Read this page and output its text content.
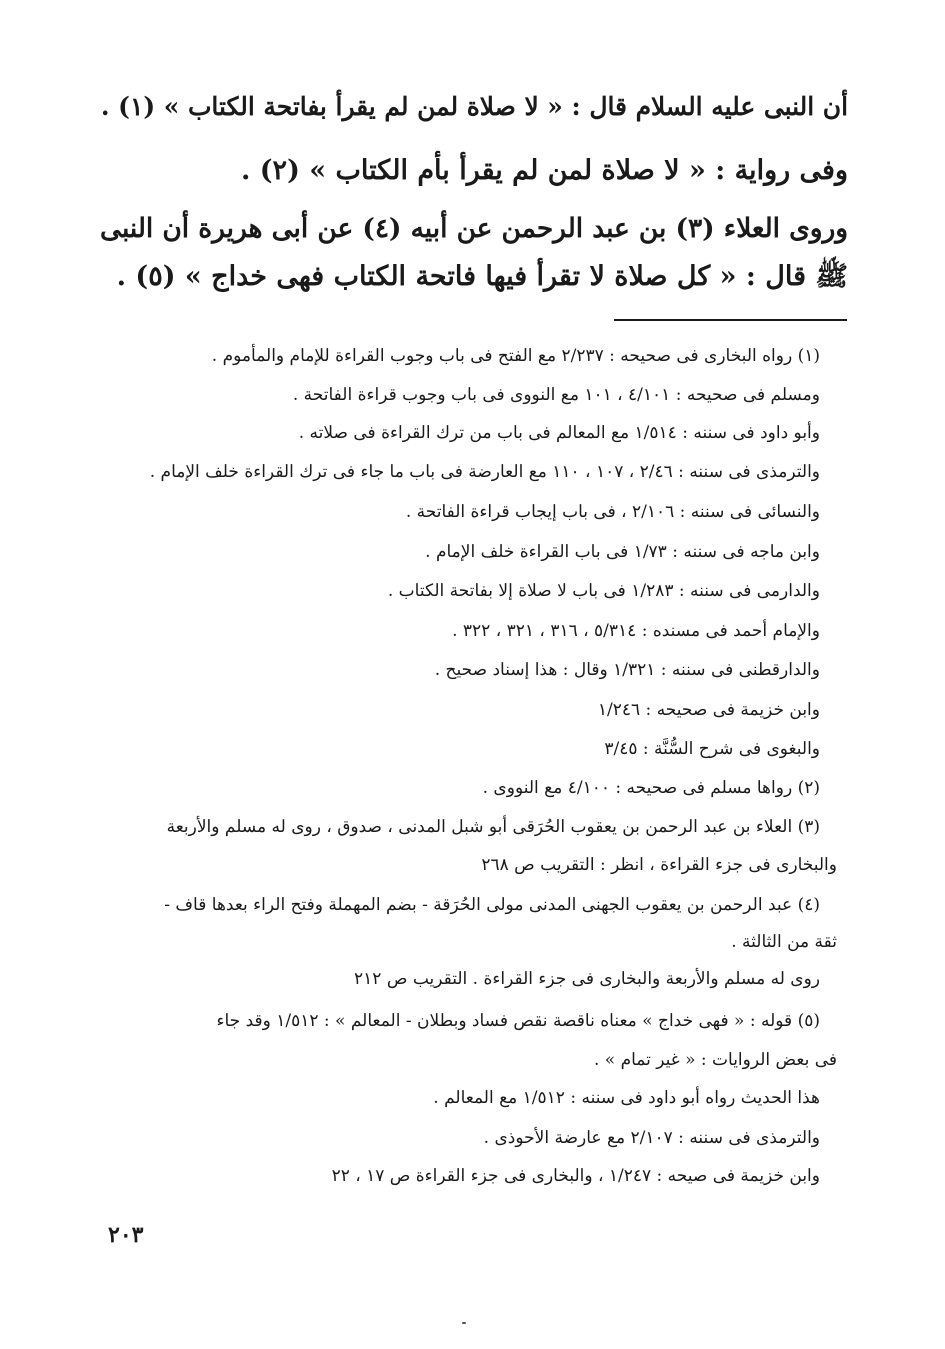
أن النبى عليه السلام قال : « لا صلاة لمن لم يقرأ بفاتحة الكتاب » (١) .
وفى رواية : « لا صلاة لمن لم يقرأ بأم الكتاب » (٢) .
وروى العلاء (٣) بن عبد الرحمن عن أبيه (٤) عن أبى هريرة أن النبى
ﷺ قال : « كل صلاة لا تقرأ فيها فاتحة الكتاب فهى خداج » (٥) .
(١) رواه البخارى فى صحيحه : ٢/٢٣٧ مع الفتح فى باب وجوب القراءة للإمام والمأموم .
ومسلم فى صحيحه : ٤/١٠١ ، ١٠١ مع النووى فى باب وجوب قراءة الفاتحة .
وأبو داود فى سننه : ١/٥١٤ مع المعالم فى باب من ترك القراءة فى صلاته .
والترمذى فى سننه : ٢/٤٦ ، ١٠٧ ، ١١٠ مع العارضة فى باب ما جاء فى ترك القراءة خلف الإمام .
والنسائى فى سننه : ٢/١٠٦ ، فى باب إيجاب قراءة الفاتحة .
وابن ماجه فى سننه : ١/٧٣ فى باب القراءة خلف الإمام .
والدارمى فى سننه : ١/٢٨٣ فى باب لا صلاة إلا بفاتحة الكتاب .
والإمام أحمد فى مسنده : ٥/٣١٤ ، ٣١٦ ، ٣٢١ ، ٣٢٢ .
والدارقطنى فى سننه : ١/٣٢١ وقال : هذا إسناد صحيح .
وابن خزيمة فى صحيحه : ١/٢٤٦
والبغوى فى شرح السُّنَّة : ٣/٤٥
(٢) رواها مسلم فى صحيحه : ٤/١٠٠ مع النووى .
(٣) العلاء بن عبد الرحمن بن يعقوب الحُرَقى أبو شبل المدنى ، صدوق ، روى له مسلم والأربعة
والبخارى فى جزء القراءة ، انظر : التقريب ص ٢٦٨
(٤) عبد الرحمن بن يعقوب الجهنى المدنى مولى الحُرَقة - بضم المهملة وفتح الراء بعدها قاف -
ثقة من الثالثة .
روى له مسلم والأربعة والبخارى فى جزء القراءة . التقريب ص ٢١٢
(٥) قوله : « فهى خداج » معناه ناقصة نقص فساد وبطلان - المعالم » : ١/٥١٢ وقد جاء
فى بعض الروايات : « غير تمام » .
هذا الحديث رواه أبو داود فى سننه : ١/٥١٢ مع المعالم .
والترمذى فى سننه : ٢/١٠٧ مع عارضة الأحوذى .
وابن خزيمة فى صيحه : ١/٢٤٧ ، والبخارى فى جزء القراءة ص ١٧ ، ٢٢
٢٠٣
